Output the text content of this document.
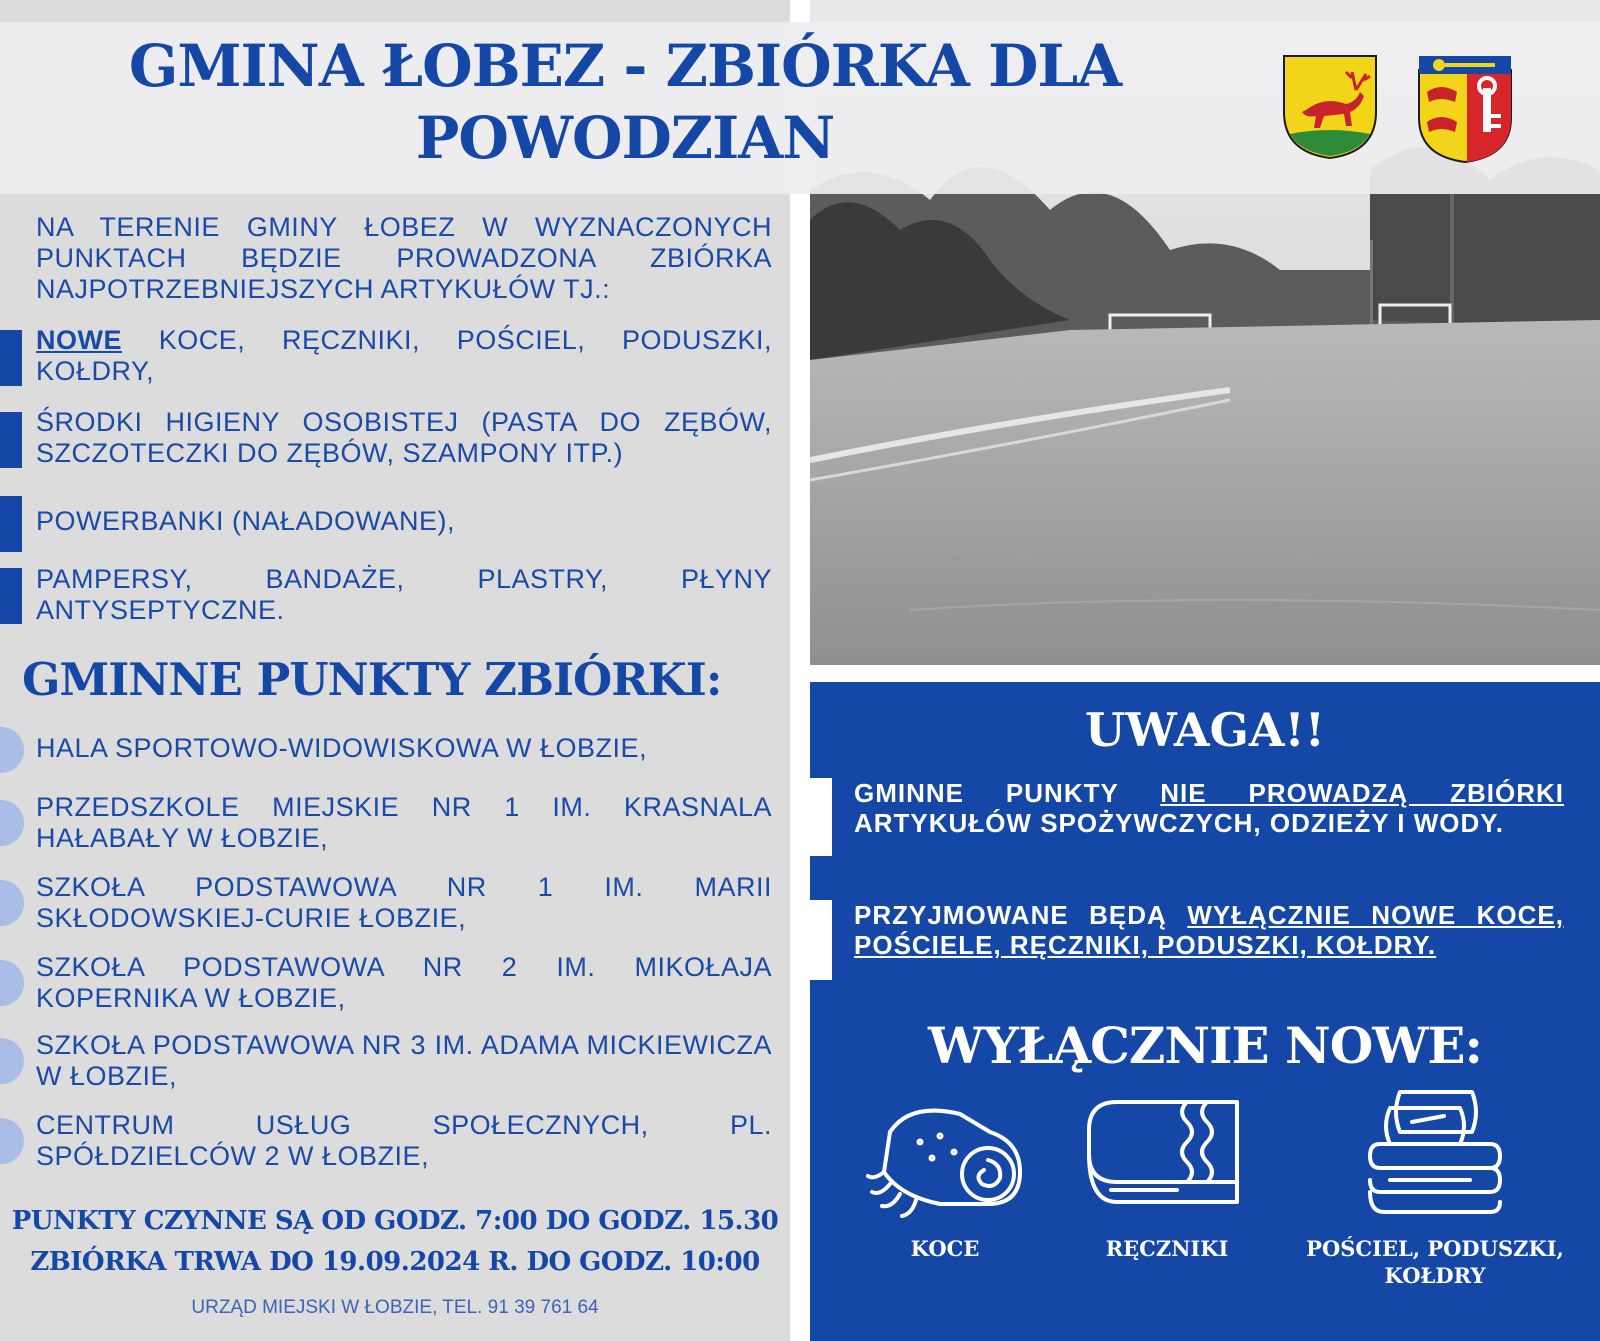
GMINA ŁOBEZ - ZBIÓRKA DLA POWODZIAN

NA TERENIE GMINY ŁOBEZ W WYZNACZONYCH PUNKTACH BĘDZIE PROWADZONA ZBIÓRKA NAJPOTRZEBNIEJSZYCH ARTYKUŁÓW TJ.:

NOWE KOCE, RĘCZNIKI, POŚCIEL, PODUSZKI, KOŁDRY,

ŚRODKI HIGIENY OSOBISTEJ (PASTA DO ZĘBÓW, SZCZOTECZKI DO ZĘBÓW, SZAMPONY ITP.)

POWERBANKI (NAŁADOWANE),

PAMPERSY, BANDAŻE, PLASTRY, PŁYNY ANTYSEPTYCZNE.

GMINNE PUNKTY ZBIÓRKI:

HALA SPORTOWO-WIDOWISKOWA W ŁOBZIE,

PRZEDSZKOLE MIEJSKIE NR 1 IM. KRASNALA HAŁABAŁY W ŁOBZIE,

SZKOŁA PODSTAWOWA NR 1 IM. MARII SKŁODOWSKIEJ-CURIE ŁOBZIE,

SZKOŁA PODSTAWOWA NR 2 IM. MIKOŁAJA KOPERNIKA W ŁOBZIE,

SZKOŁA PODSTAWOWA NR 3 IM. ADAMA MICKIEWICZA W ŁOBZIE,

CENTRUM USŁUG SPOŁECZNYCH, PL. SPÓŁDZIELCÓW 2 W ŁOBZIE,

PUNKTY CZYNNE SĄ OD GODZ. 7:00 DO GODZ. 15.30

ZBIÓRKA TRWA DO 19.09.2024 R. DO GODZ. 10:00

URZĄD MIEJSKI W ŁOBZIE, TEL. 91 39 761 64

UWAGA!!

GMINNE PUNKTY NIE PROWADZĄ ZBIÓRKI ARTYKUŁÓW SPOŻYWCZYCH, ODZIEŻY I WODY.

PRZYJMOWANE BĘDĄ WYŁĄCZNIE NOWE KOCE, POŚCIELE, RĘCZNIKI, PODUSZKI, KOŁDRY.

WYŁĄCZNIE NOWE:
KOCE	RĘCZNIKI	POŚCIEL, PODUSZKI, KOŁDRY
